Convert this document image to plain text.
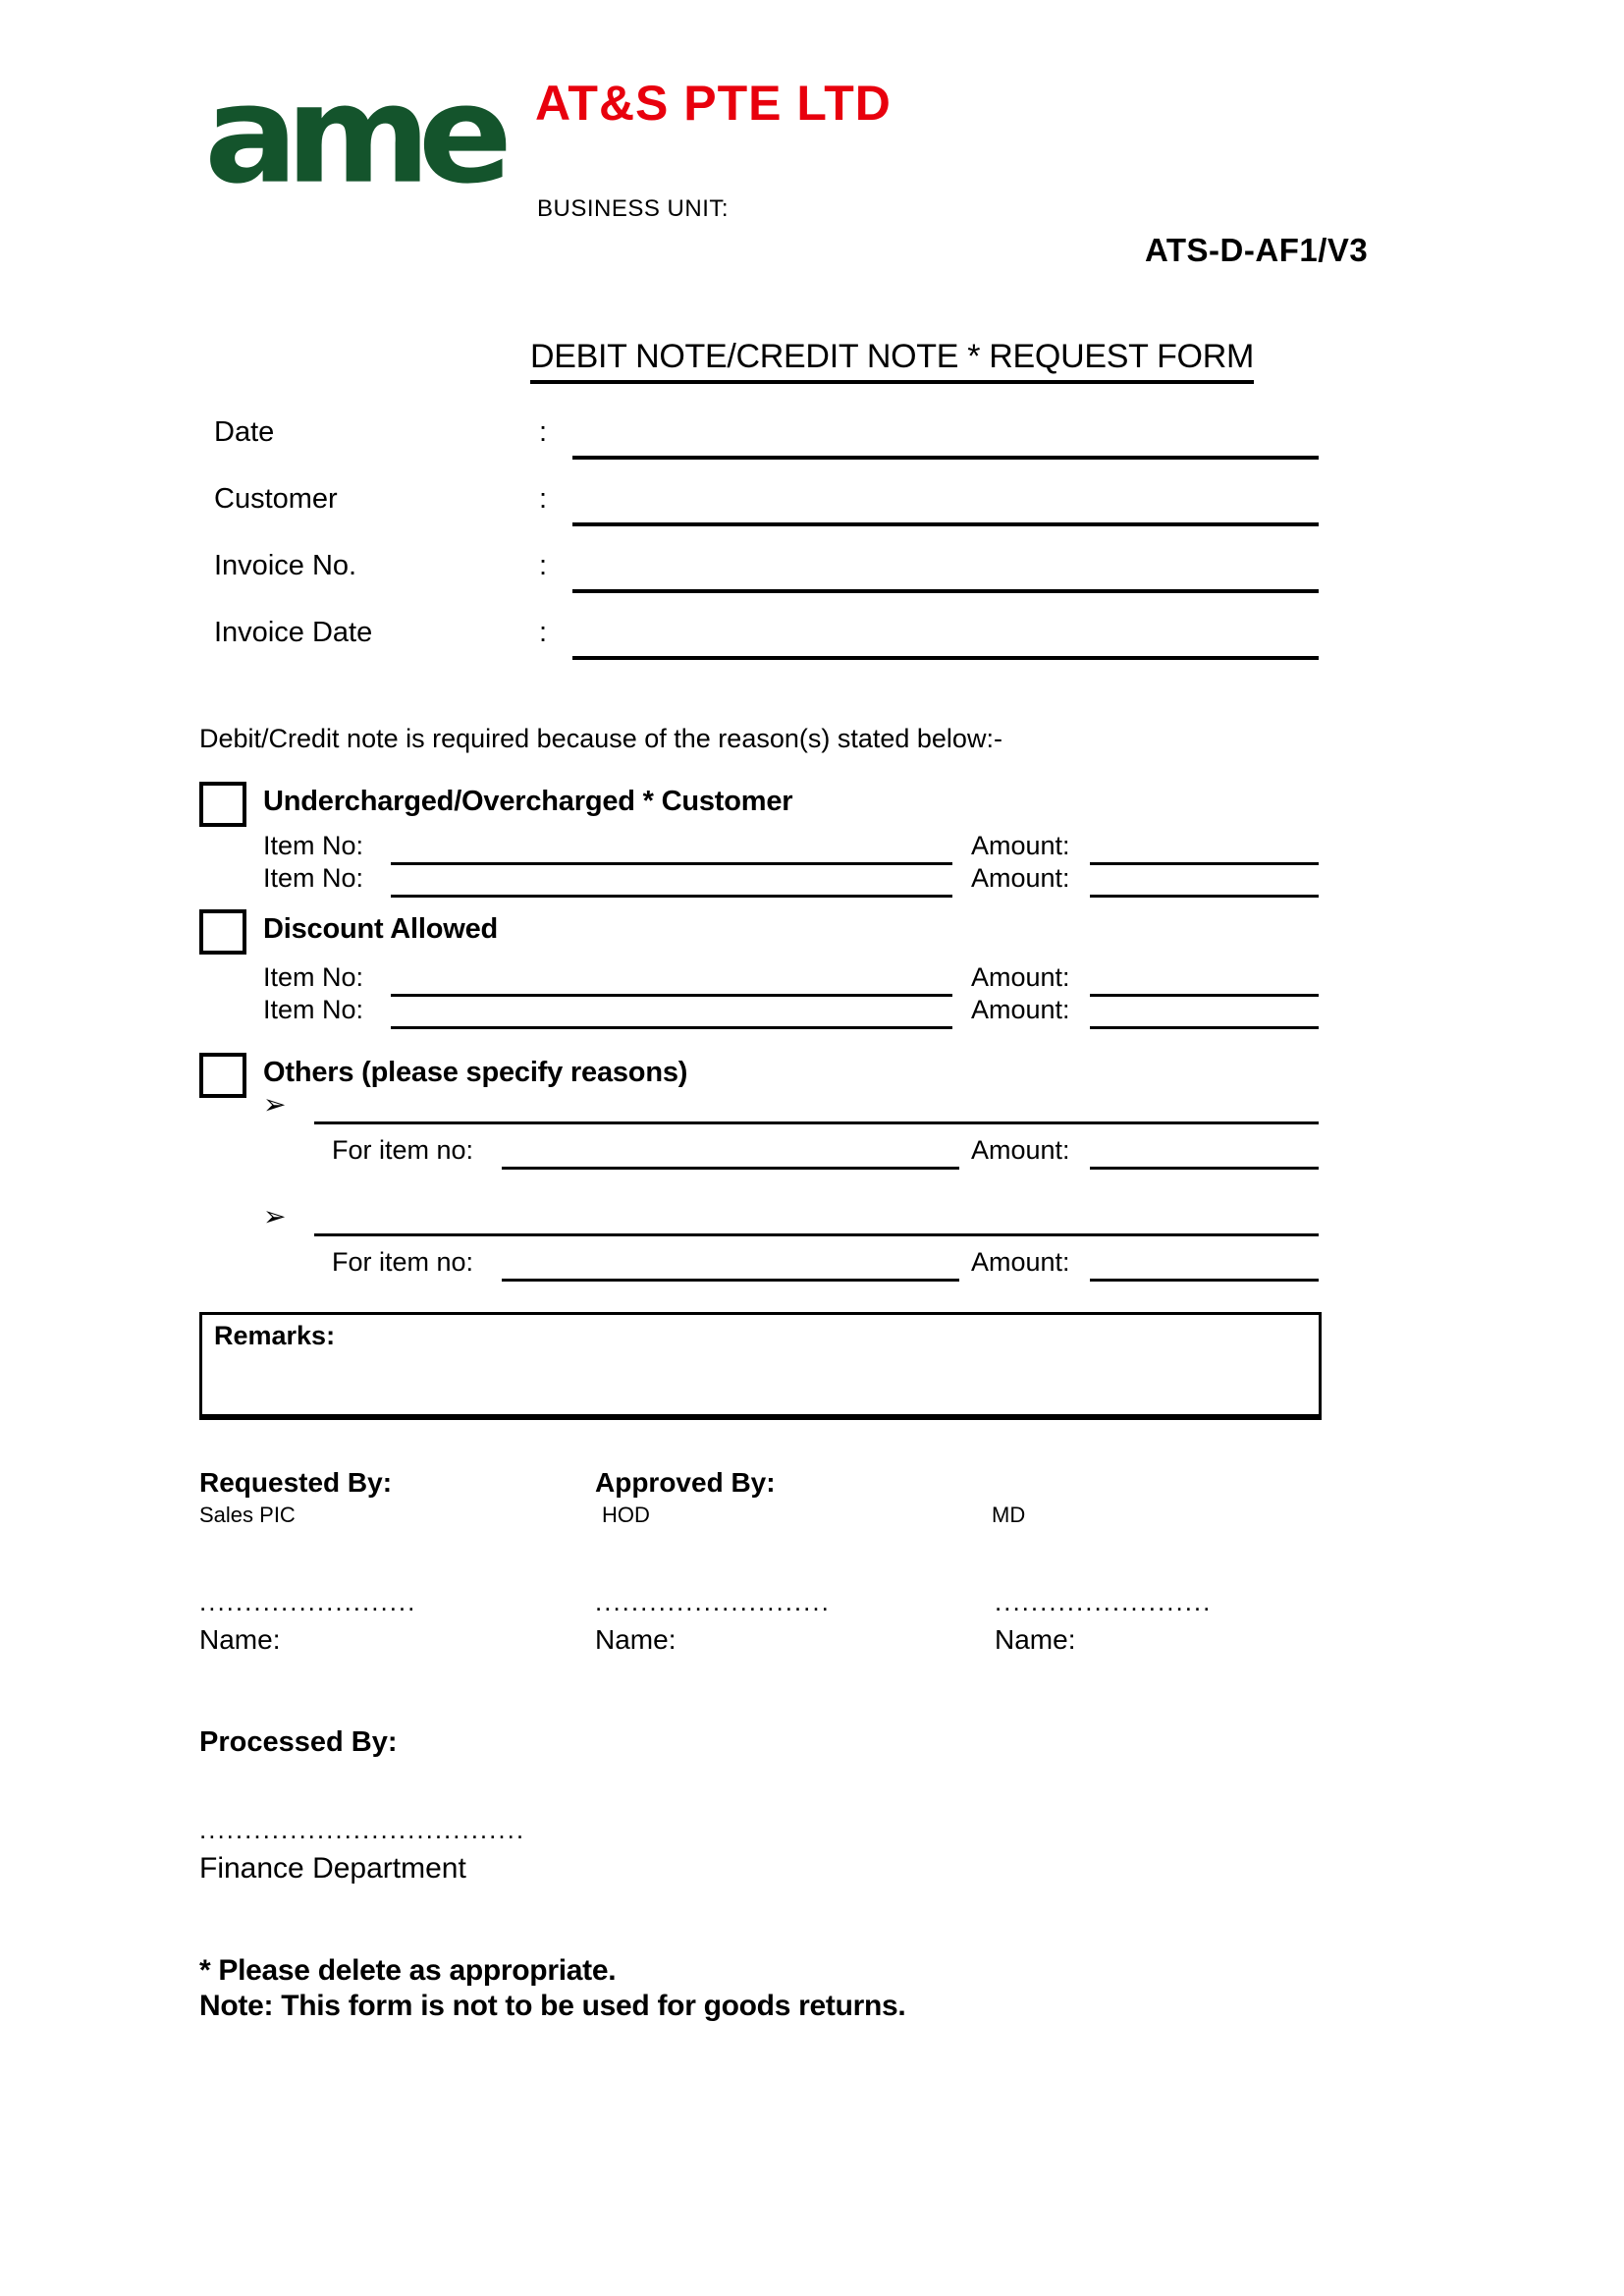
ame AT&S PTE LTD
BUSINESS UNIT:
ATS-D-AF1/V3
DEBIT NOTE/CREDIT NOTE * REQUEST FORM
Date	:
Customer	:
Invoice No.	:
Invoice Date	:
Debit/Credit note is required because of the reason(s) stated below:-
Undercharged/Overcharged * Customer
Item No:	Amount:
Item No:	Amount:
Discount Allowed
Item No:	Amount:
Item No:	Amount:
Others (please specify reasons)
➢
For item no:	Amount:
➢
For item no:	Amount:
Remarks:
Requested By:	Approved By:
Sales PIC	HOD	MD
........................	..........................	........................
Name:	Name:	Name:
Processed By:
....................................
Finance Department
* Please delete as appropriate.
Note: This form is not to be used for goods returns.
